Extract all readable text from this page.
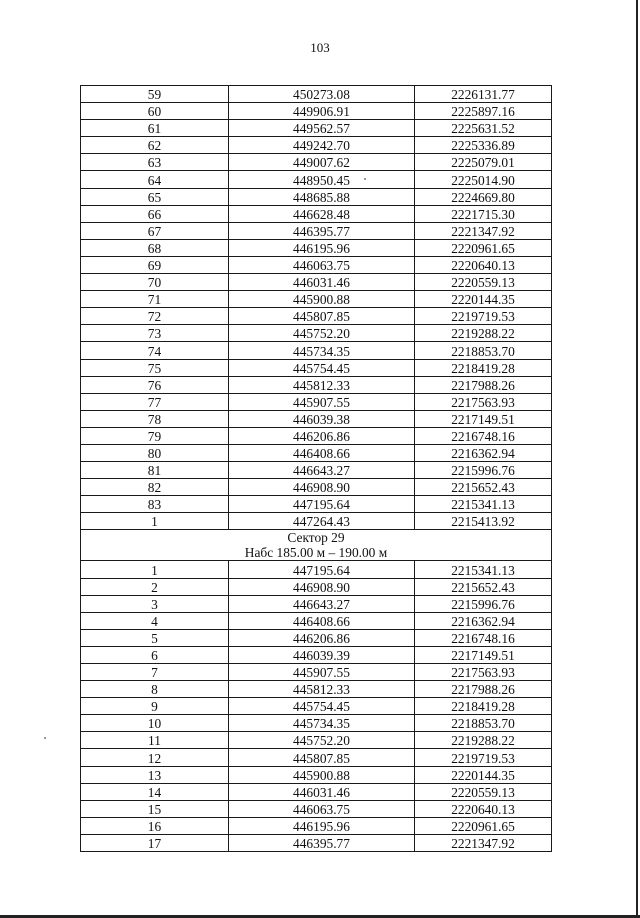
103
59	450273.08	2226131.77
60	449906.91	2225897.16
61	449562.57	2225631.52
62	449242.70	2225336.89
63	449007.62	2225079.01
64	448950.45	2225014.90
65	448685.88	2224669.80
66	446628.48	2221715.30
67	446395.77	2221347.92
68	446195.96	2220961.65
69	446063.75	2220640.13
70	446031.46	2220559.13
71	445900.88	2220144.35
72	445807.85	2219719.53
73	445752.20	2219288.22
74	445734.35	2218853.70
75	445754.45	2218419.28
76	445812.33	2217988.26
77	445907.55	2217563.93
78	446039.38	2217149.51
79	446206.86	2216748.16
80	446408.66	2216362.94
81	446643.27	2215996.76
82	446908.90	2215652.43
83	447195.64	2215341.13
1	447264.43	2215413.92

Сектор 29
Набс 185.00 м – 190.00 м		

1	447195.64	2215341.13
2	446908.90	2215652.43
3	446643.27	2215996.76
4	446408.66	2216362.94
5	446206.86	2216748.16
6	446039.39	2217149.51
7	445907.55	2217563.93
8	445812.33	2217988.26
9	445754.45	2218419.28
10	445734.35	2218853.70
11	445752.20	2219288.22
12	445807.85	2219719.53
13	445900.88	2220144.35
14	446031.46	2220559.13
15	446063.75	2220640.13
16	446195.96	2220961.65
17	446395.77	2221347.92
